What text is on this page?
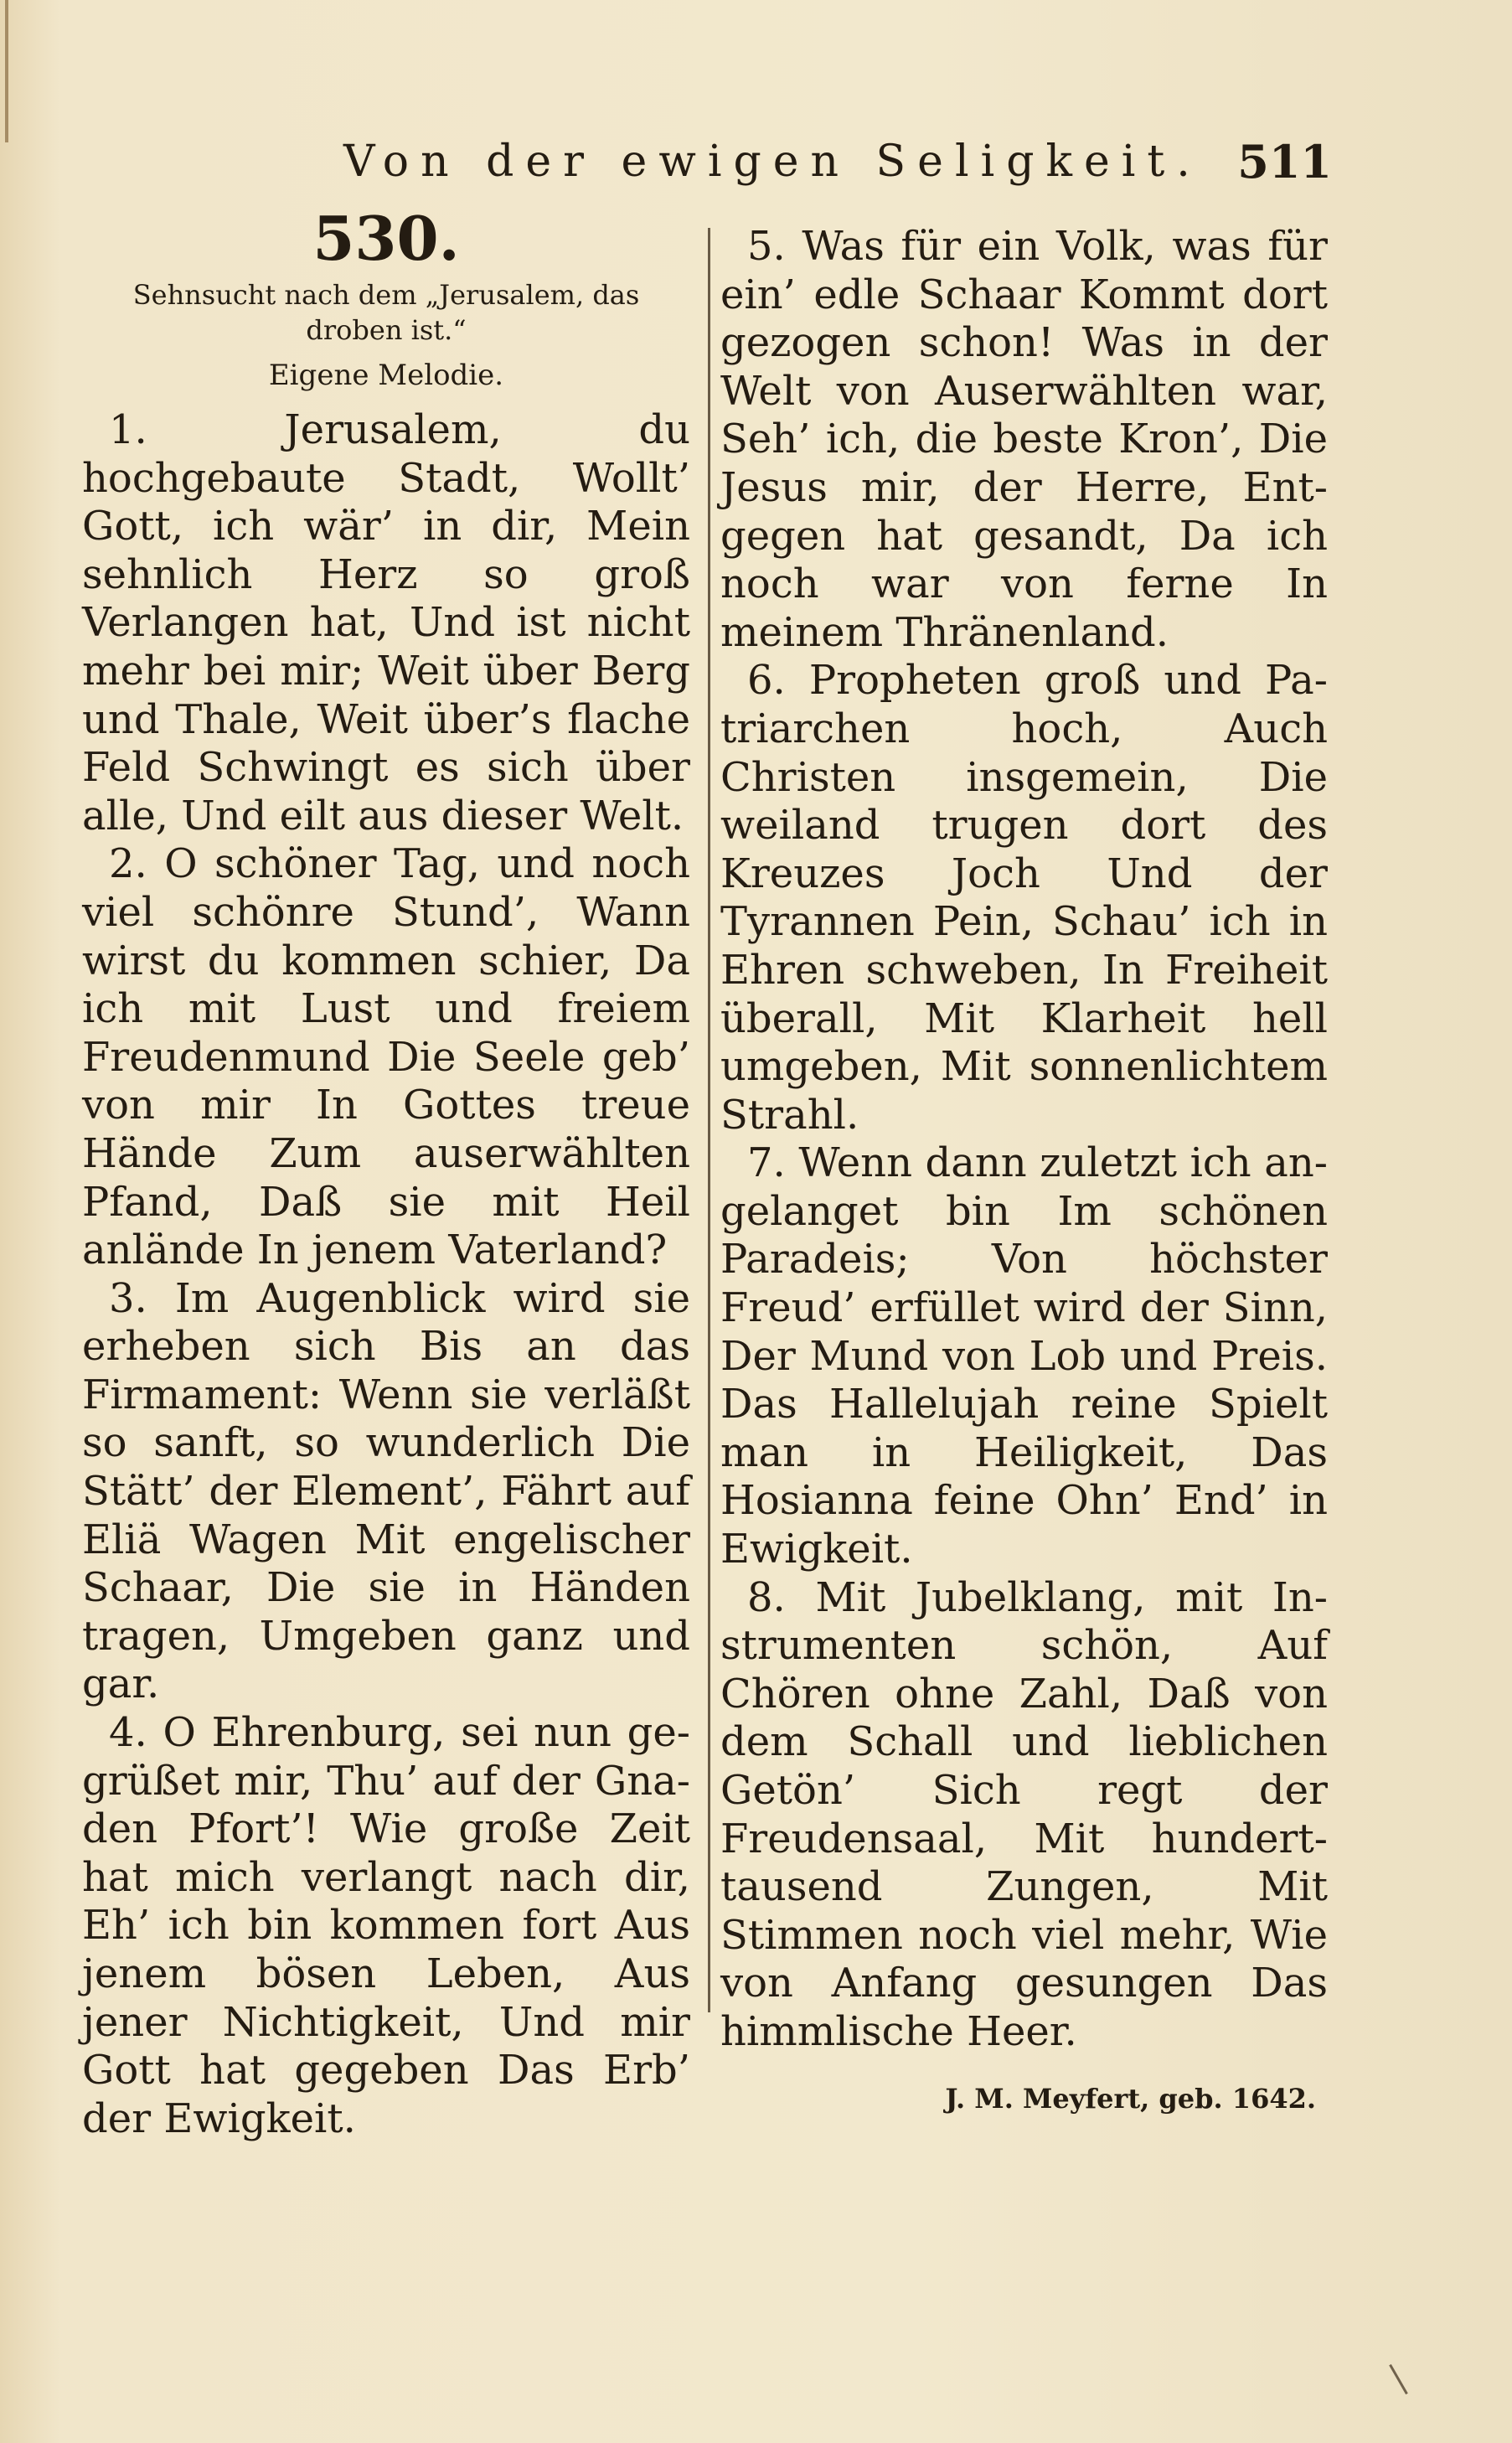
Von der ewigen Seligkeit. 511
530.
Sehnsucht nach dem „Jerusalem, das droben ist.“
Eigene Melodie.

1. Jerusalem, du hochgebaute Stadt, Wollt’ Gott, ich wär’ in dir, Mein sehnlich Herz so groß Verlangen hat, Und ist nicht mehr bei mir; Weit über Berg und Thale, Weit über’s flache Feld Schwingt es sich über alle, Und eilt aus dieser Welt.

2. O schöner Tag, und noch viel schönre Stund’, Wann wirst du kommen schier, Da ich mit Lust und freiem Freudenmund Die Seele geb’ von mir In Gottes treue Hände Zum auserwählten Pfand, Daß sie mit Heil anlände In jenem Vaterland?

3. Im Augenblick wird sie erheben sich Bis an das Firmament: Wenn sie verläßt so sanft, so wunderlich Die Stätt’ der Element’, Fährt auf Eliä Wagen Mit engelischer Schaar, Die sie in Händen tragen, Umgeben ganz und gar.

4. O Ehrenburg, sei nun gegrüßet mir, Thu’ auf der Gnaden Pfort’! Wie große Zeit hat mich verlangt nach dir, Eh’ ich bin kommen fort Aus jenem bösen Leben, Aus jener Nichtigkeit, Und mir Gott hat gegeben Das Erb’ der Ewigkeit.

5. Was für ein Volk, was für ein’ edle Schaar Kommt dort gezogen schon! Was in der Welt von Auserwählten war, Seh’ ich, die beste Kron’, Die Jesus mir, der Herre, Entgegen hat gesandt, Da ich noch war von ferne In meinem Thränenland.

6. Propheten groß und Patriarchen hoch, Auch Christen insgemein, Die weiland trugen dort des Kreuzes Joch Und der Tyrannen Pein, Schau’ ich in Ehren schweben, In Freiheit überall, Mit Klarheit hell umgeben, Mit sonnenlichtem Strahl.

7. Wenn dann zuletzt ich angelanget bin Im schönen Paradeis; Von höchster Freud’ erfüllet wird der Sinn, Der Mund von Lob und Preis. Das Hallelujah reine Spielt man in Heiligkeit, Das Hosianna feine Ohn’ End’ in Ewigkeit.

8. Mit Jubelklang, mit Instrumenten schön, Auf Chören ohne Zahl, Daß von dem Schall und lieblichen Getön’ Sich regt der Freudensaal, Mit hunderttausend Zungen, Mit Stimmen noch viel mehr, Wie von Anfang gesungen Das himmlische Heer.

J. M. Meyfert, geb. 1642.
